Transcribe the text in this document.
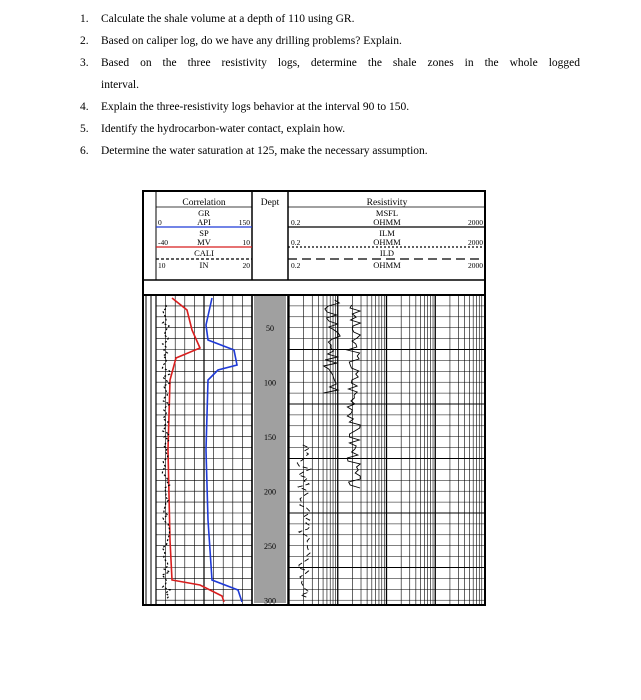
1. Calculate the shale volume at a depth of 110 using GR.
2. Based on caliper log, do we have any drilling problems? Explain.
3. Based on the three resistivity logs, determine the shale zones in the whole logged
interval.
4. Explain the three-resistivity logs behavior at the interval 90 to 150.
5. Identify the hydrocarbon-water contact, explain how.
6. Determine the water saturation at 125, make the necessary assumption.
Correlation
GR
API
0	150
SP
MV
-40	10
CALI
IN
10	20
Dept	Resistivity
MSFL
OHMM
0.2	2000
ILM
OHMM
0.2	2000
ILD
OHMM
0.2	2000
50
100
150
200
250
300
